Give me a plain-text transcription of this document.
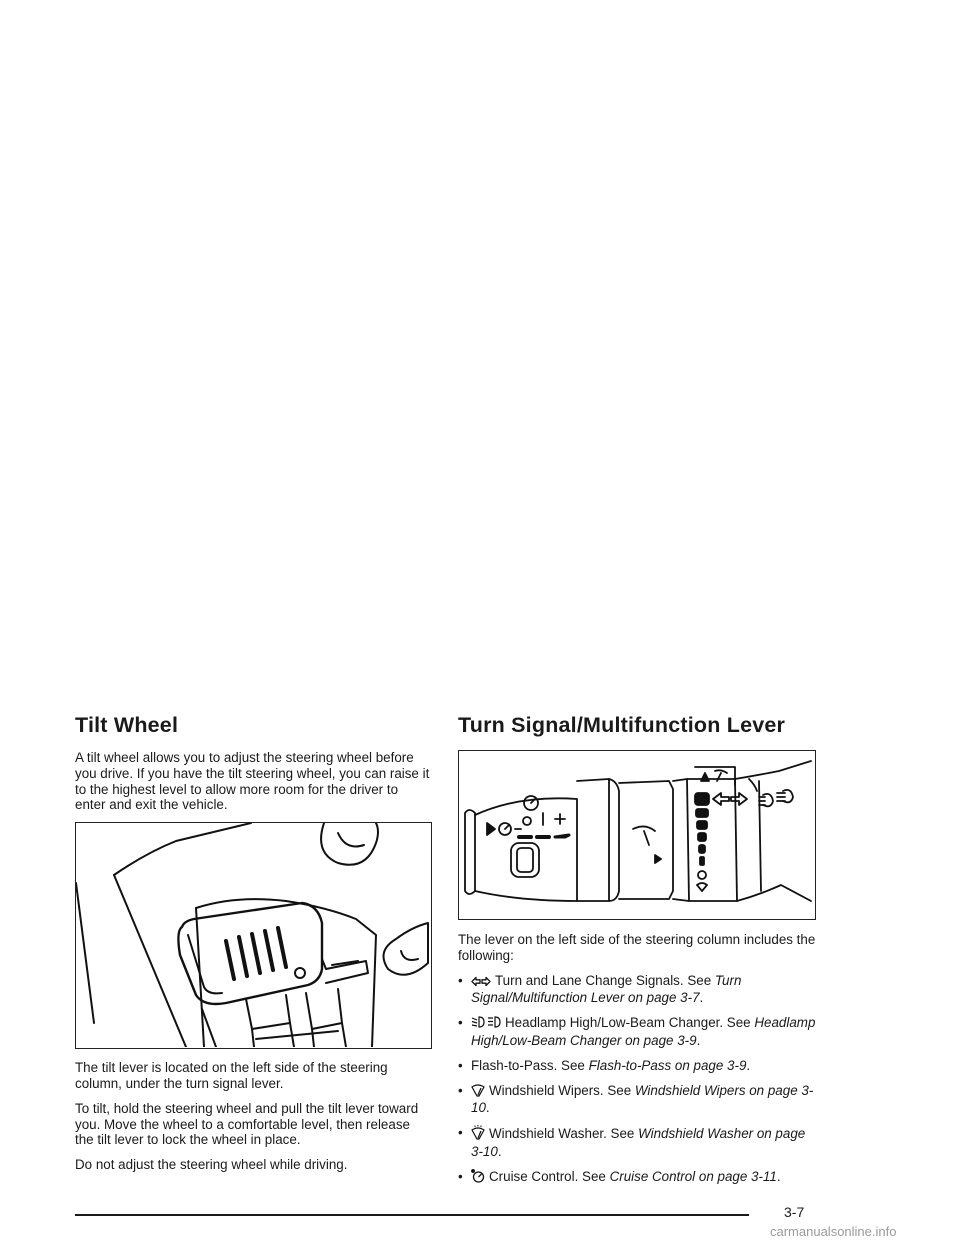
Tilt Wheel

A tilt wheel allows you to adjust the steering wheel before you drive. If you have the tilt steering wheel, you can raise it to the highest level to allow more room for the driver to enter and exit the vehicle.

The tilt lever is located on the left side of the steering column, under the turn signal lever.

To tilt, hold the steering wheel and pull the tilt lever toward you. Move the wheel to a comfortable level, then release the tilt lever to lock the wheel in place.

Do not adjust the steering wheel while driving.

Turn Signal/Multifunction Lever

The lever on the left side of the steering column includes the following:

• Turn and Lane Change Signals. See Turn Signal/Multifunction Lever on page 3-7.
•	Headlamp High/Low-Beam Changer. See Headlamp High/Low-Beam Changer on page 3-9.
• Flash-to-Pass. See Flash-to-Pass on page 3-9.
• Windshield Wipers. See Windshield Wipers on page 3-10.
• Windshield Washer. See Windshield Washer on page 3-10.
• Cruise Control. See Cruise Control on page 3-11.
3-7
carmanualsonline.info
